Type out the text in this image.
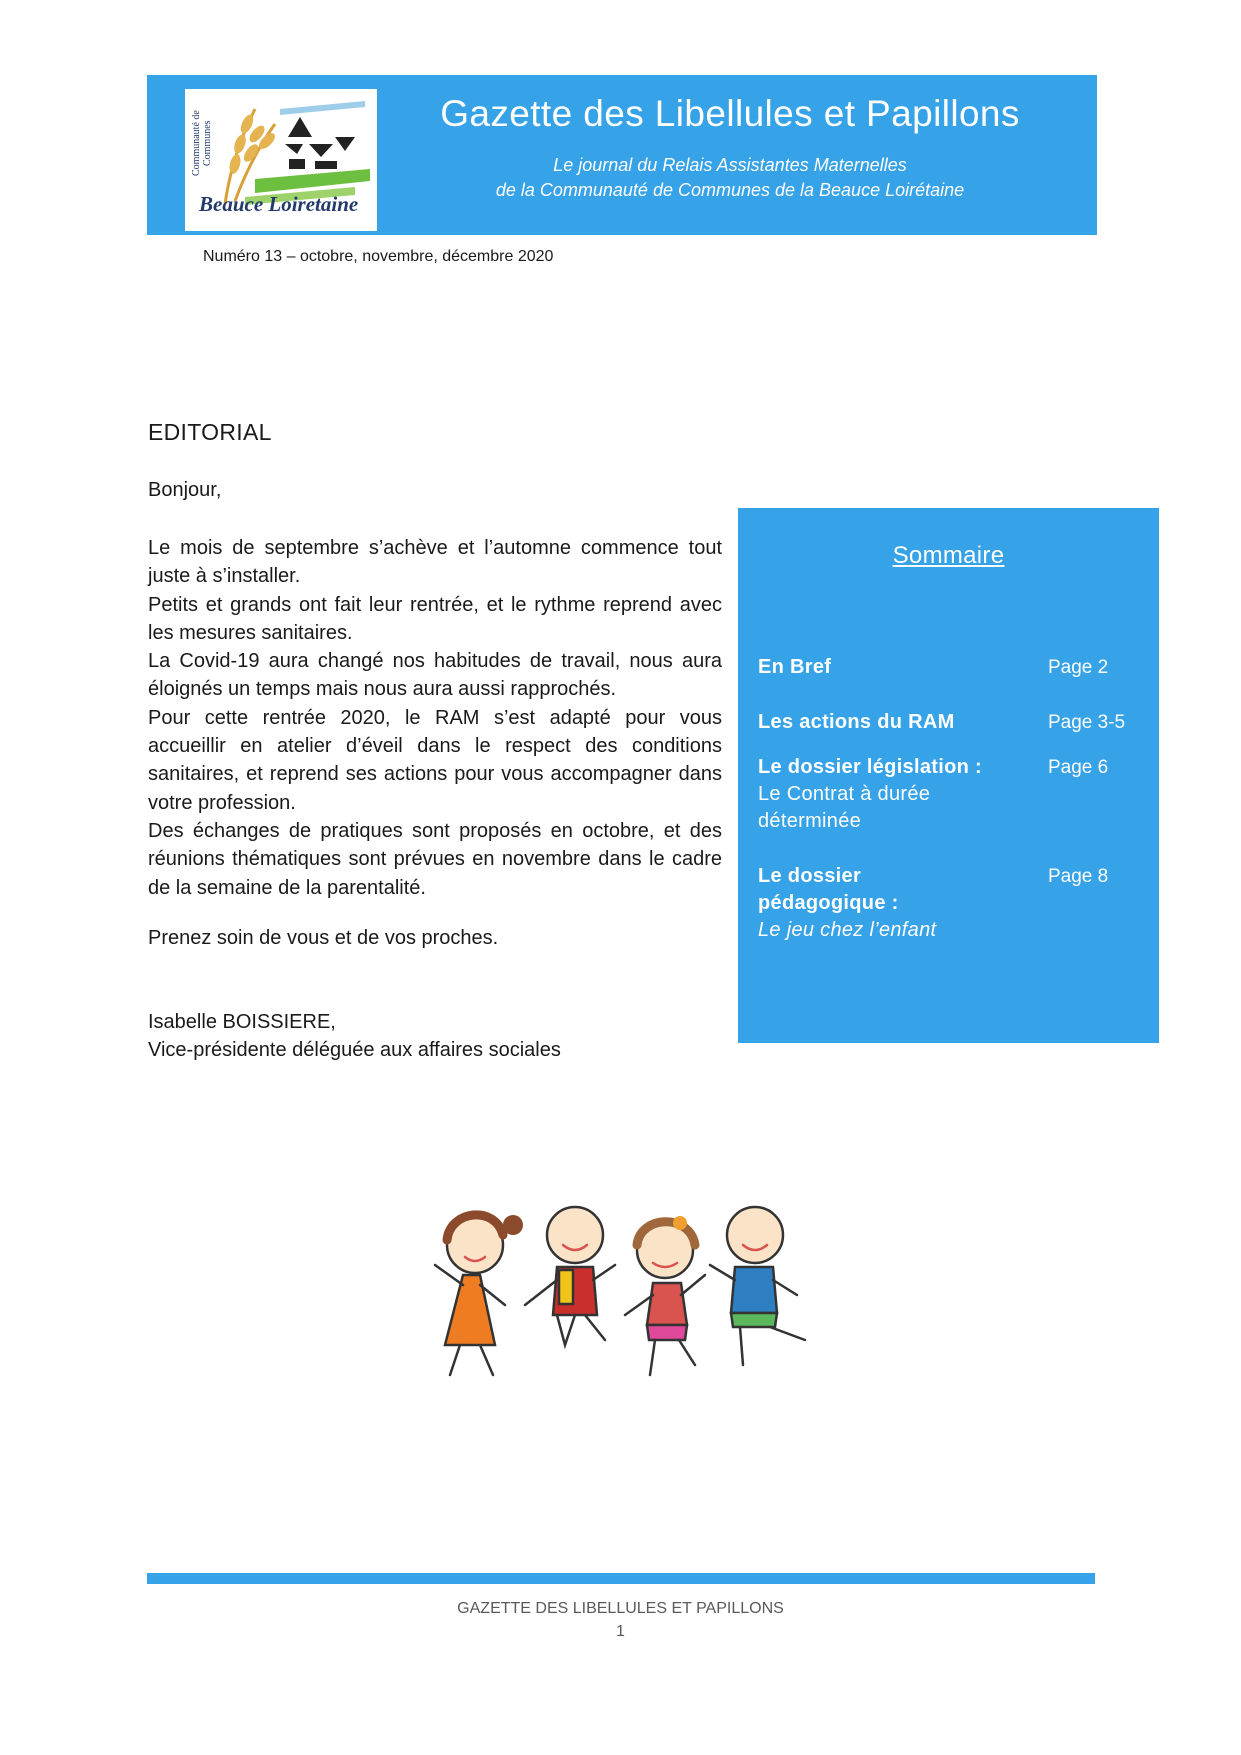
Communauté de Communes
Beauce Loiretaine
Gazette des Libellules et Papillons
Le journal du Relais Assistantes Maternelles
de la Communauté de Communes de la Beauce Loirétaine
Numéro 13 – octobre, novembre, décembre 2020
EDITORIAL
Bonjour,

Le mois de septembre s’achève et l’automne commence tout juste à s’installer.

Petits et grands ont fait leur rentrée, et le rythme reprend avec les mesures sanitaires.

La Covid-19 aura changé nos habitudes de travail, nous aura éloignés un temps mais nous aura aussi rapprochés.

Pour cette rentrée 2020, le RAM s’est adapté pour vous accueillir en atelier d’éveil dans le respect des conditions sanitaires, et reprend ses actions pour vous accompagner dans votre profession.

Des échanges de pratiques sont proposés en octobre, et des réunions thématiques sont prévues en novembre dans le cadre de la semaine de la parentalité.

Prenez soin de vous et de vos proches.
Isabelle BOISSIERE,
Vice-présidente déléguée aux affaires sociales
Sommaire
En Bref	Page 2
Les actions du RAM	Page 3-5
Le dossier législation :
Le Contrat à durée déterminée
Page 6
Le dossier pédagogique :
Le jeu chez l’enfant
Page 8
GAZETTE DES LIBELLULES ET PAPILLONS
1
